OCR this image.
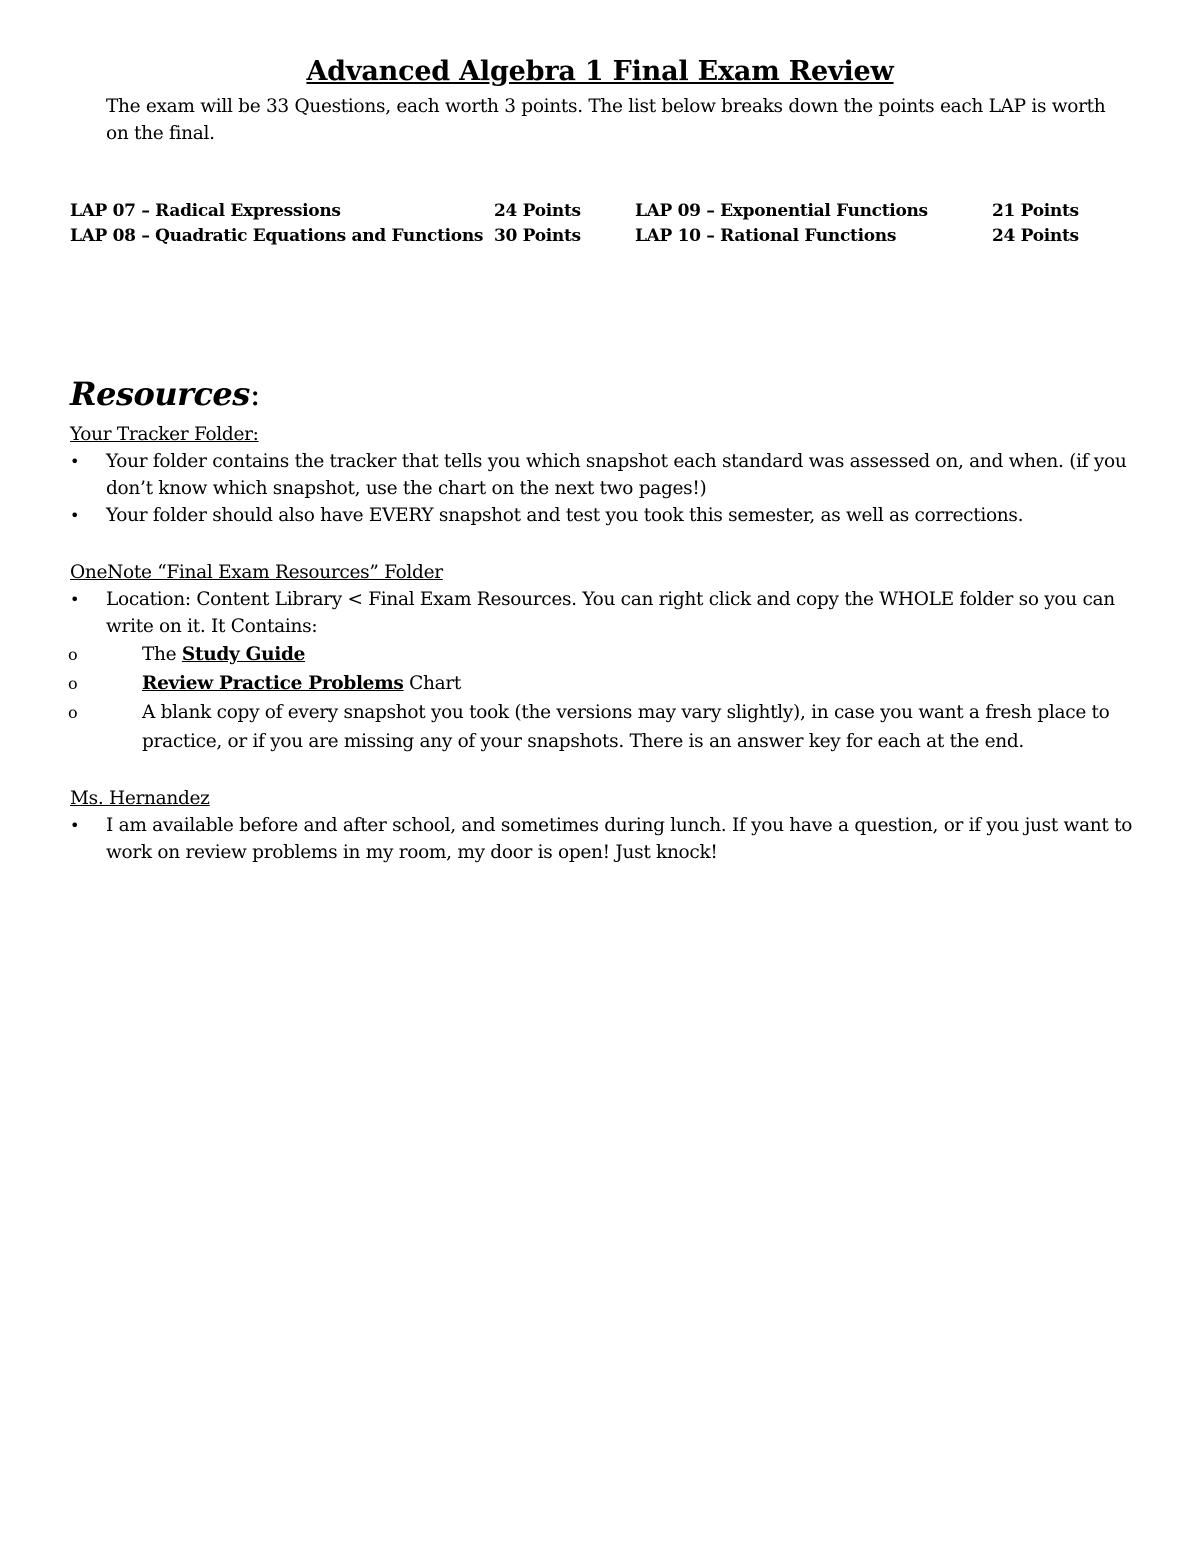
Advanced Algebra 1 Final Exam Review

The exam will be 33 Questions, each worth 3 points. The list below breaks down the points each LAP is worth on the final.

LAP 07 – Radical Expressions	24 Points	LAP 09 – Exponential Functions	21 Points
LAP 08 – Quadratic Equations and Functions 30 Points	LAP 10 – Rational Functions	24 Points
Resources:

Your Tracker Folder:

• Your folder contains the tracker that tells you which snapshot each standard was assessed on, and when. (if you don’t know which snapshot, use the chart on the next two pages!)
• Your folder should also have EVERY snapshot and test you took this semester, as well as corrections.

OneNote “Final Exam Resources” Folder

• Location: Content Library < Final Exam Resources. You can right click and copy the WHOLE folder so you can write on it. It Contains:
o	The Study Guide
o	Review Practice Problems Chart
o	A blank copy of every snapshot you took (the versions may vary slightly), in case you want a fresh place to practice, or if you are missing any of your snapshots. There is an answer key for each at the end.

Ms. Hernandez

• I am available before and after school, and sometimes during lunch. If you have a question, or if you just want to work on review problems in my room, my door is open! Just knock!
